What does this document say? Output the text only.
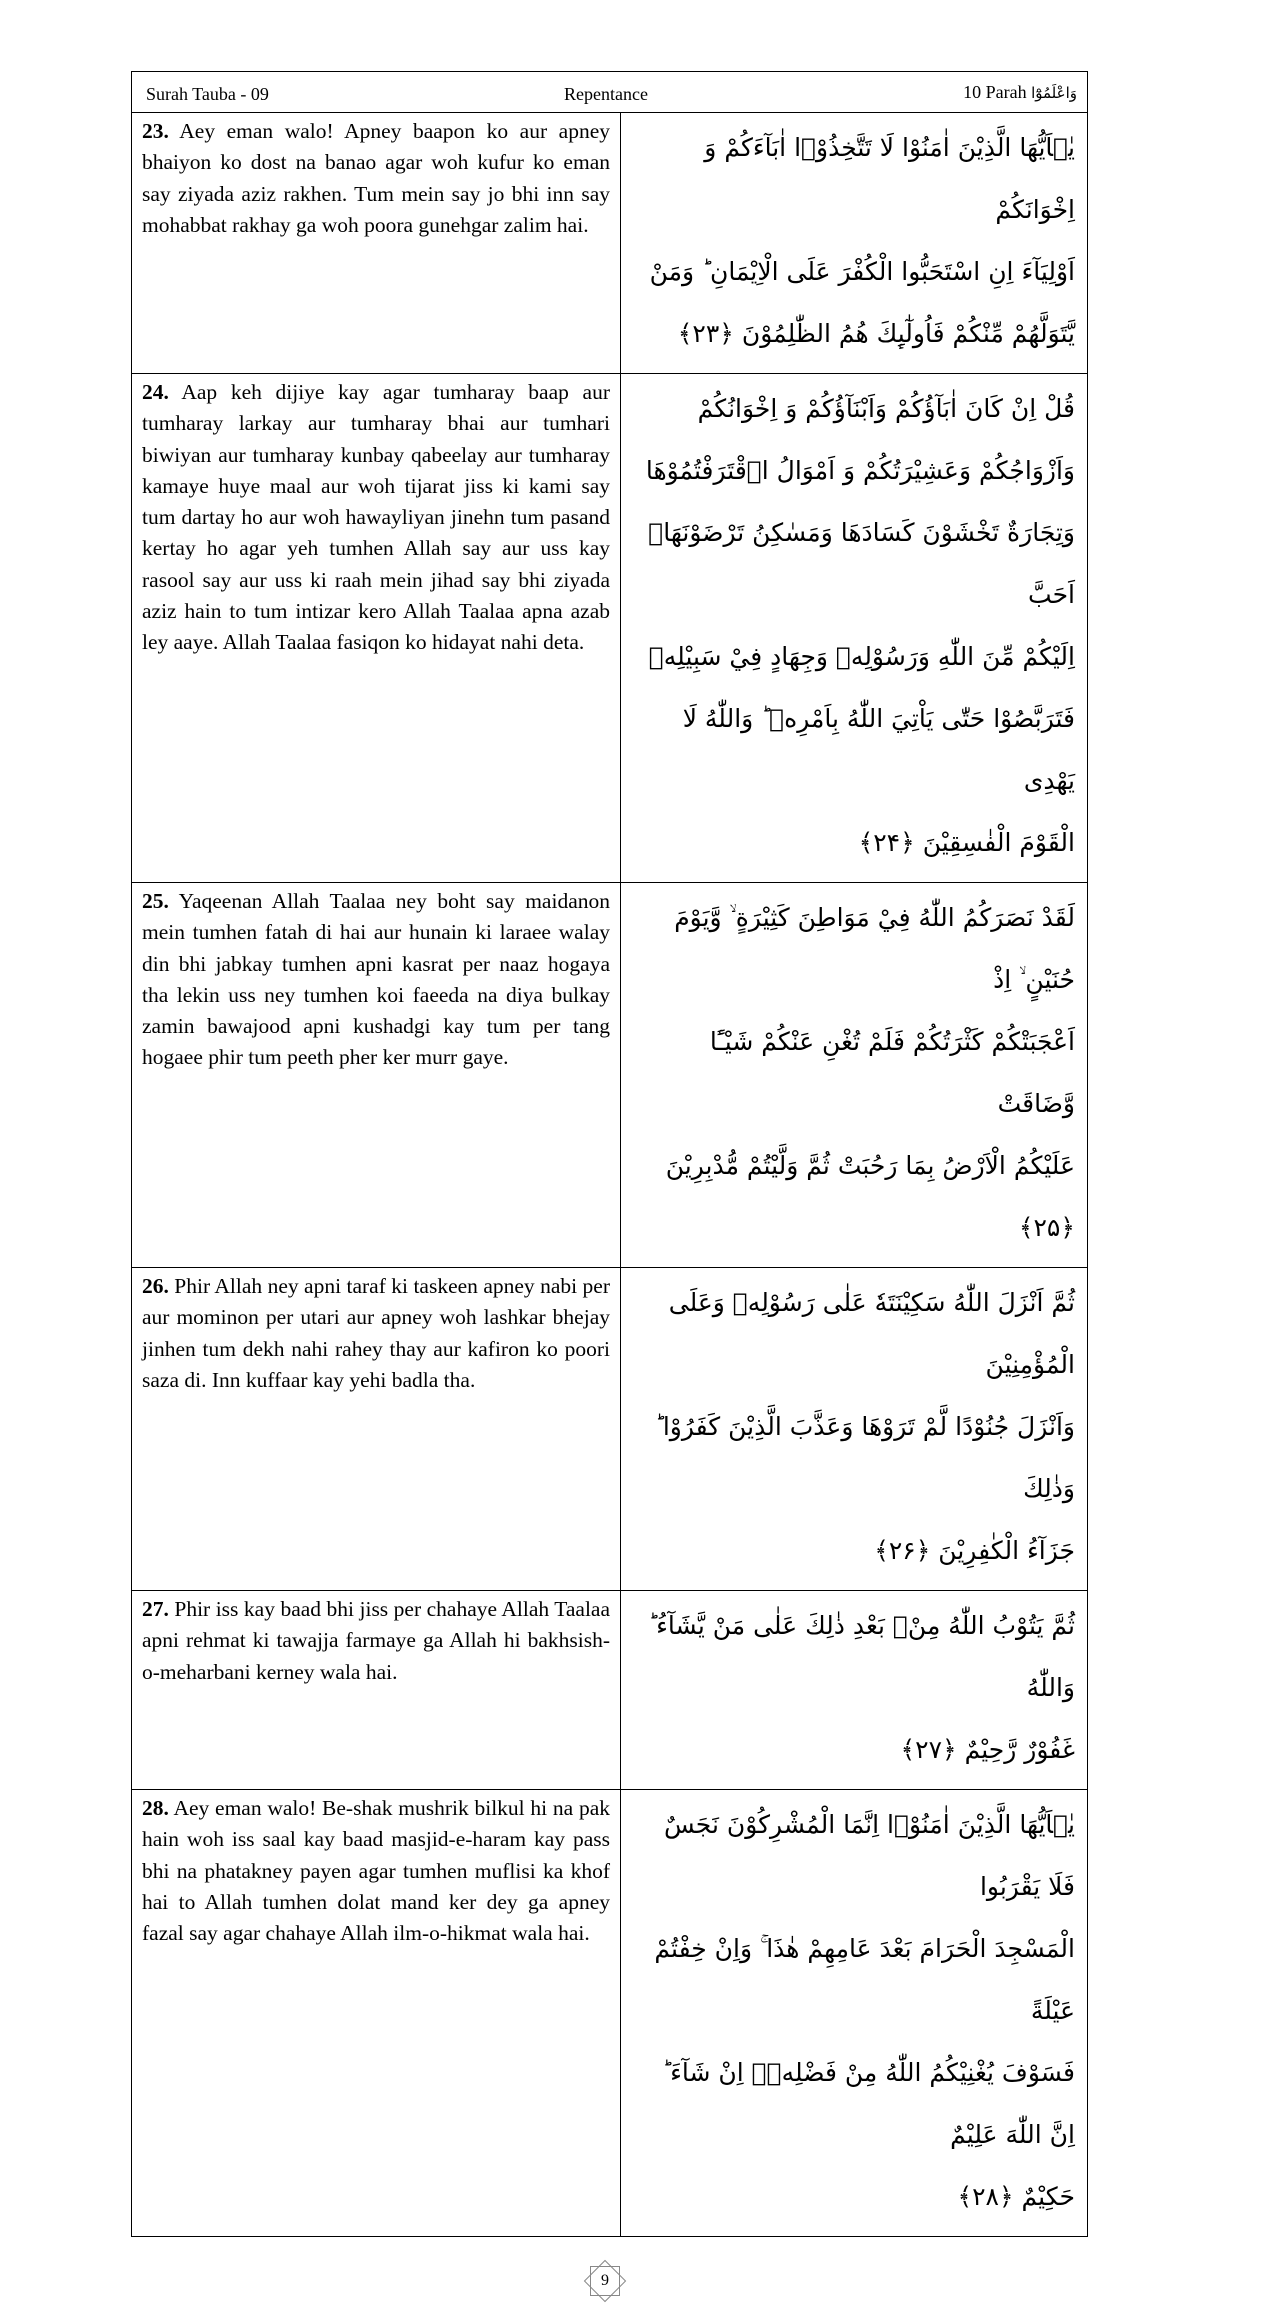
Surah Tauba - 09	Repentance	10 Parah وَاعْلَمُوْٓا
23. Aey eman walo! Apney baapon ko aur apney bhaiyon ko dost na banao agar woh kufur ko eman say ziyada aziz rakhen. Tum mein say jo bhi inn say mohabbat rakhay ga woh poora gunehgar zalim hai.
يٰۤاَيُّهَا الَّذِيْنَ اٰمَنُوْا لَا تَتَّخِذُوْۤا اٰبَآءَكُمْ وَ اِخْوَانَكُمْ
اَوْلِيَآءَ اِنِ اسْتَحَبُّوا الْكُفْرَ عَلَى الْاِيْمَانِ ؕ وَمَنْ
يَّتَوَلَّهُمْ مِّنْكُمْ فَاُولٰٓىِٕكَ هُمُ الظّٰلِمُوْنَ ﴿۲۳﴾
24. Aap keh dijiye kay agar tumharay baap aur tumharay larkay aur tumharay bhai aur tumhari biwiyan aur tumharay kunbay qabeelay aur tumharay kamaye huye maal aur woh tijarat jiss ki kami say tum dartay ho aur woh hawayliyan jinehn tum pasand kertay ho agar yeh tumhen Allah say aur uss kay rasool say aur uss ki raah mein jihad say bhi ziyada aziz hain to tum intizar kero Allah Taalaa apna azab ley aaye. Allah Taalaa fasiqon ko hidayat nahi deta.
قُلْ اِنْ كَانَ اٰبَآؤُكُمْ وَاَبْنَآؤُكُمْ وَ اِخْوَانُكُمْ
وَاَزْوَاجُكُمْ وَعَشِيْرَتُكُمْ وَ اَمْوَالُ ا۟قْتَرَفْتُمُوْهَا
وَتِجَارَةٌ تَخْشَوْنَ كَسَادَهَا وَمَسٰكِنُ تَرْضَوْنَهَاۤ اَحَبَّ
اِلَيْكُمْ مِّنَ اللّٰهِ وَرَسُوْلِهٖ وَجِهَادٍ فِيْ سَبِيْلِهٖ
فَتَرَبَّصُوْا حَتّٰى يَاْتِيَ اللّٰهُ بِاَمْرِهٖ ؕ وَاللّٰهُ لَا يَهْدِى
الْقَوْمَ الْفٰسِقِيْنَ ﴿۲۴﴾
25. Yaqeenan Allah Taalaa ney boht say maidanon mein tumhen fatah di hai aur hunain ki laraee walay din bhi jabkay tumhen apni kasrat per naaz hogaya tha lekin uss ney tumhen koi faeeda na diya bulkay zamin bawajood apni kushadgi kay tum per tang hogaee phir tum peeth pher ker murr gaye.
لَقَدْ نَصَرَكُمُ اللّٰهُ فِيْ مَوَاطِنَ كَثِيْرَةٍ ۙ وَّيَوْمَ حُنَيْنٍ ۙ اِذْ
اَعْجَبَتْكُمْ كَثْرَتُكُمْ فَلَمْ تُغْنِ عَنْكُمْ شَيْـًٔا وَّضَاقَتْ
عَلَيْكُمُ الْاَرْضُ بِمَا رَحُبَتْ ثُمَّ وَلَّيْتُمْ مُّدْبِرِيْنَ ﴿۲۵﴾
26. Phir Allah ney apni taraf ki taskeen apney nabi per aur mominon per utari aur apney woh lashkar bhejay jinhen tum dekh nahi rahey thay aur kafiron ko poori saza di. Inn kuffaar kay yehi badla tha.
ثُمَّ اَنْزَلَ اللّٰهُ سَكِيْنَتَهٗ عَلٰى رَسُوْلِهٖ وَعَلَى الْمُؤْمِنِيْنَ
وَاَنْزَلَ جُنُوْدًا لَّمْ تَرَوْهَا وَعَذَّبَ الَّذِيْنَ كَفَرُوْا ؕ وَذٰلِكَ
جَزَآءُ الْكٰفِرِيْنَ ﴿۲۶﴾
27. Phir iss kay baad bhi jiss per chahaye Allah Taalaa apni rehmat ki tawajja farmaye ga Allah hi bakhsish-o-meharbani kerney wala hai.
ثُمَّ يَتُوْبُ اللّٰهُ مِنْۢ بَعْدِ ذٰلِكَ عَلٰى مَنْ يَّشَآءُ ؕ وَاللّٰهُ
غَفُوْرٌ رَّحِيْمٌ ﴿۲۷﴾
28. Aey eman walo! Be-shak mushrik bilkul hi na pak hain woh iss saal kay baad masjid-e-haram kay pass bhi na phatakney payen agar tumhen muflisi ka khof hai to Allah tumhen dolat mand ker dey ga apney fazal say agar chahaye Allah ilm-o-hikmat wala hai.
يٰۤاَيُّهَا الَّذِيْنَ اٰمَنُوْۤا اِنَّمَا الْمُشْرِكُوْنَ نَجَسٌ فَلَا يَقْرَبُوا
الْمَسْجِدَ الْحَرَامَ بَعْدَ عَامِهِمْ هٰذَا ۚ وَاِنْ خِفْتُمْ عَيْلَةً
فَسَوْفَ يُغْنِيْكُمُ اللّٰهُ مِنْ فَضْلِهٖۤ اِنْ شَآءَ ؕ اِنَّ اللّٰهَ عَلِيْمٌ
حَكِيْمٌ ﴿۲۸﴾
9
